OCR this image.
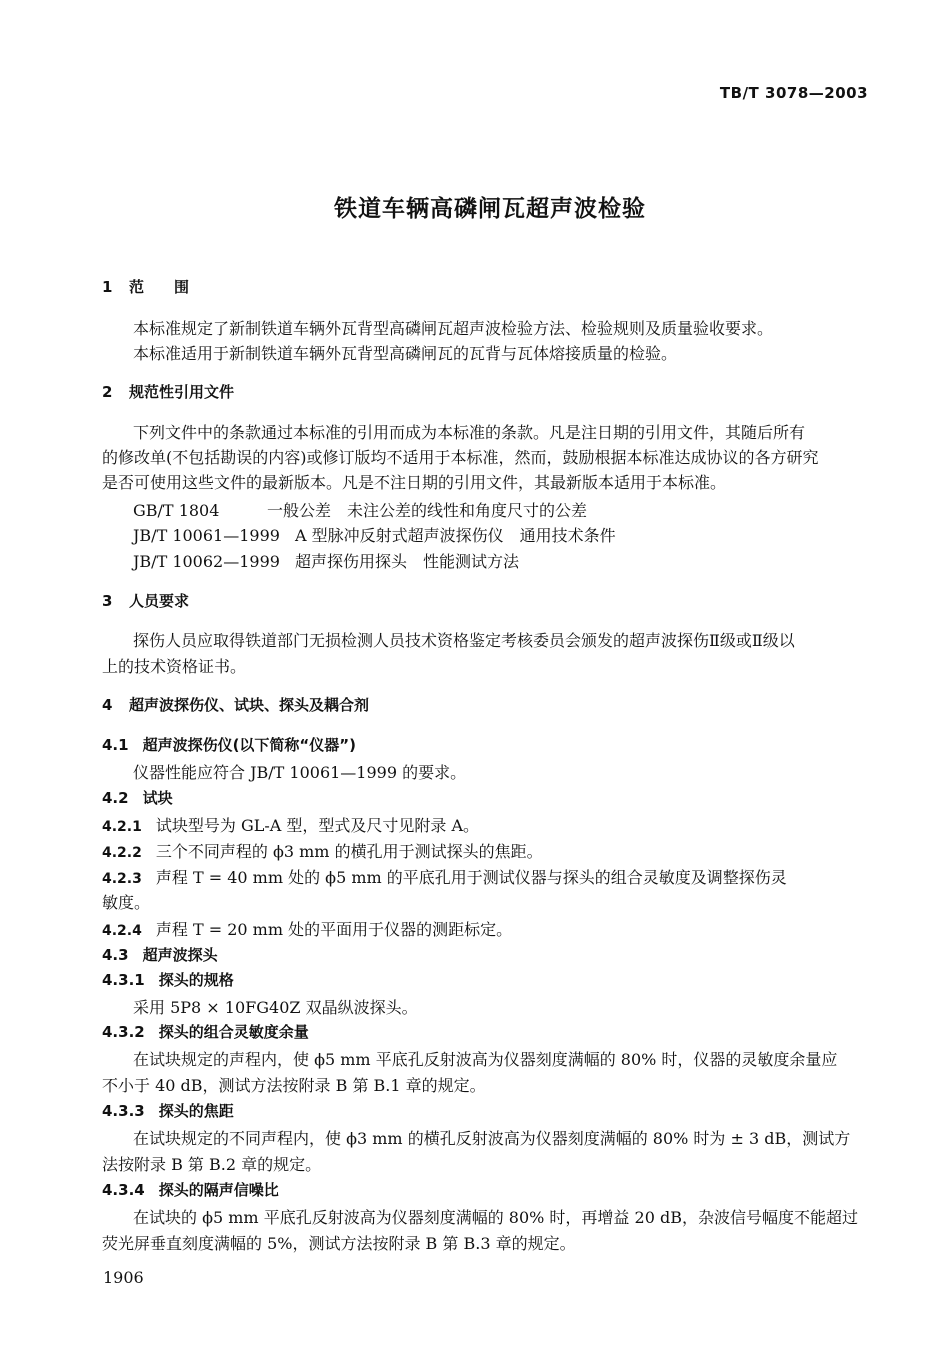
TB/T 3078—2003
铁道车辆高磷闸瓦超声波检验
1 范　　围
本标准规定了新制铁道车辆外瓦背型高磷闸瓦超声波检验方法、检验规则及质量验收要求。
本标准适用于新制铁道车辆外瓦背型高磷闸瓦的瓦背与瓦体熔接质量的检验。
2 规范性引用文件
下列文件中的条款通过本标准的引用而成为本标准的条款。凡是注日期的引用文件，其随后所有
的修改单(不包括勘误的内容)或修订版均不适用于本标准，然而，鼓励根据本标准达成协议的各方研究
是否可使用这些文件的最新版本。凡是不注日期的引用文件，其最新版本适用于本标准。
GB/T 1804	一般公差　未注公差的线性和角度尺寸的公差
JB/T 10061—1999 A 型脉冲反射式超声波探伤仪　通用技术条件
JB/T 10062—1999 超声探伤用探头　性能测试方法
3 人员要求
探伤人员应取得铁道部门无损检测人员技术资格鉴定考核委员会颁发的超声波探伤Ⅱ级或Ⅱ级以
上的技术资格证书。
4 超声波探伤仪、试块、探头及耦合剂
4.1 超声波探伤仪(以下简称“仪器”)
仪器性能应符合 JB/T 10061—1999 的要求。
4.2 试块
4.2.1 试块型号为 GL-A 型，型式及尺寸见附录 A。
4.2.2 三个不同声程的 ϕ3 mm 的横孔用于测试探头的焦距。
4.2.3 声程 T = 40 mm 处的 ϕ5 mm 的平底孔用于测试仪器与探头的组合灵敏度及调整探伤灵
敏度。
4.2.4 声程 T = 20 mm 处的平面用于仪器的测距标定。
4.3 超声波探头
4.3.1 探头的规格
采用 5P8 × 10FG40Z 双晶纵波探头。
4.3.2 探头的组合灵敏度余量
在试块规定的声程内，使 ϕ5 mm 平底孔反射波高为仪器刻度满幅的 80% 时，仪器的灵敏度余量应
不小于 40 dB，测试方法按附录 B 第 B.1 章的规定。
4.3.3 探头的焦距
在试块规定的不同声程内，使 ϕ3 mm 的横孔反射波高为仪器刻度满幅的 80% 时为 ± 3 dB，测试方
法按附录 B 第 B.2 章的规定。
4.3.4 探头的隔声信噪比
在试块的 ϕ5 mm 平底孔反射波高为仪器刻度满幅的 80% 时，再增益 20 dB，杂波信号幅度不能超过
荧光屏垂直刻度满幅的 5%，测试方法按附录 B 第 B.3 章的规定。
1906
